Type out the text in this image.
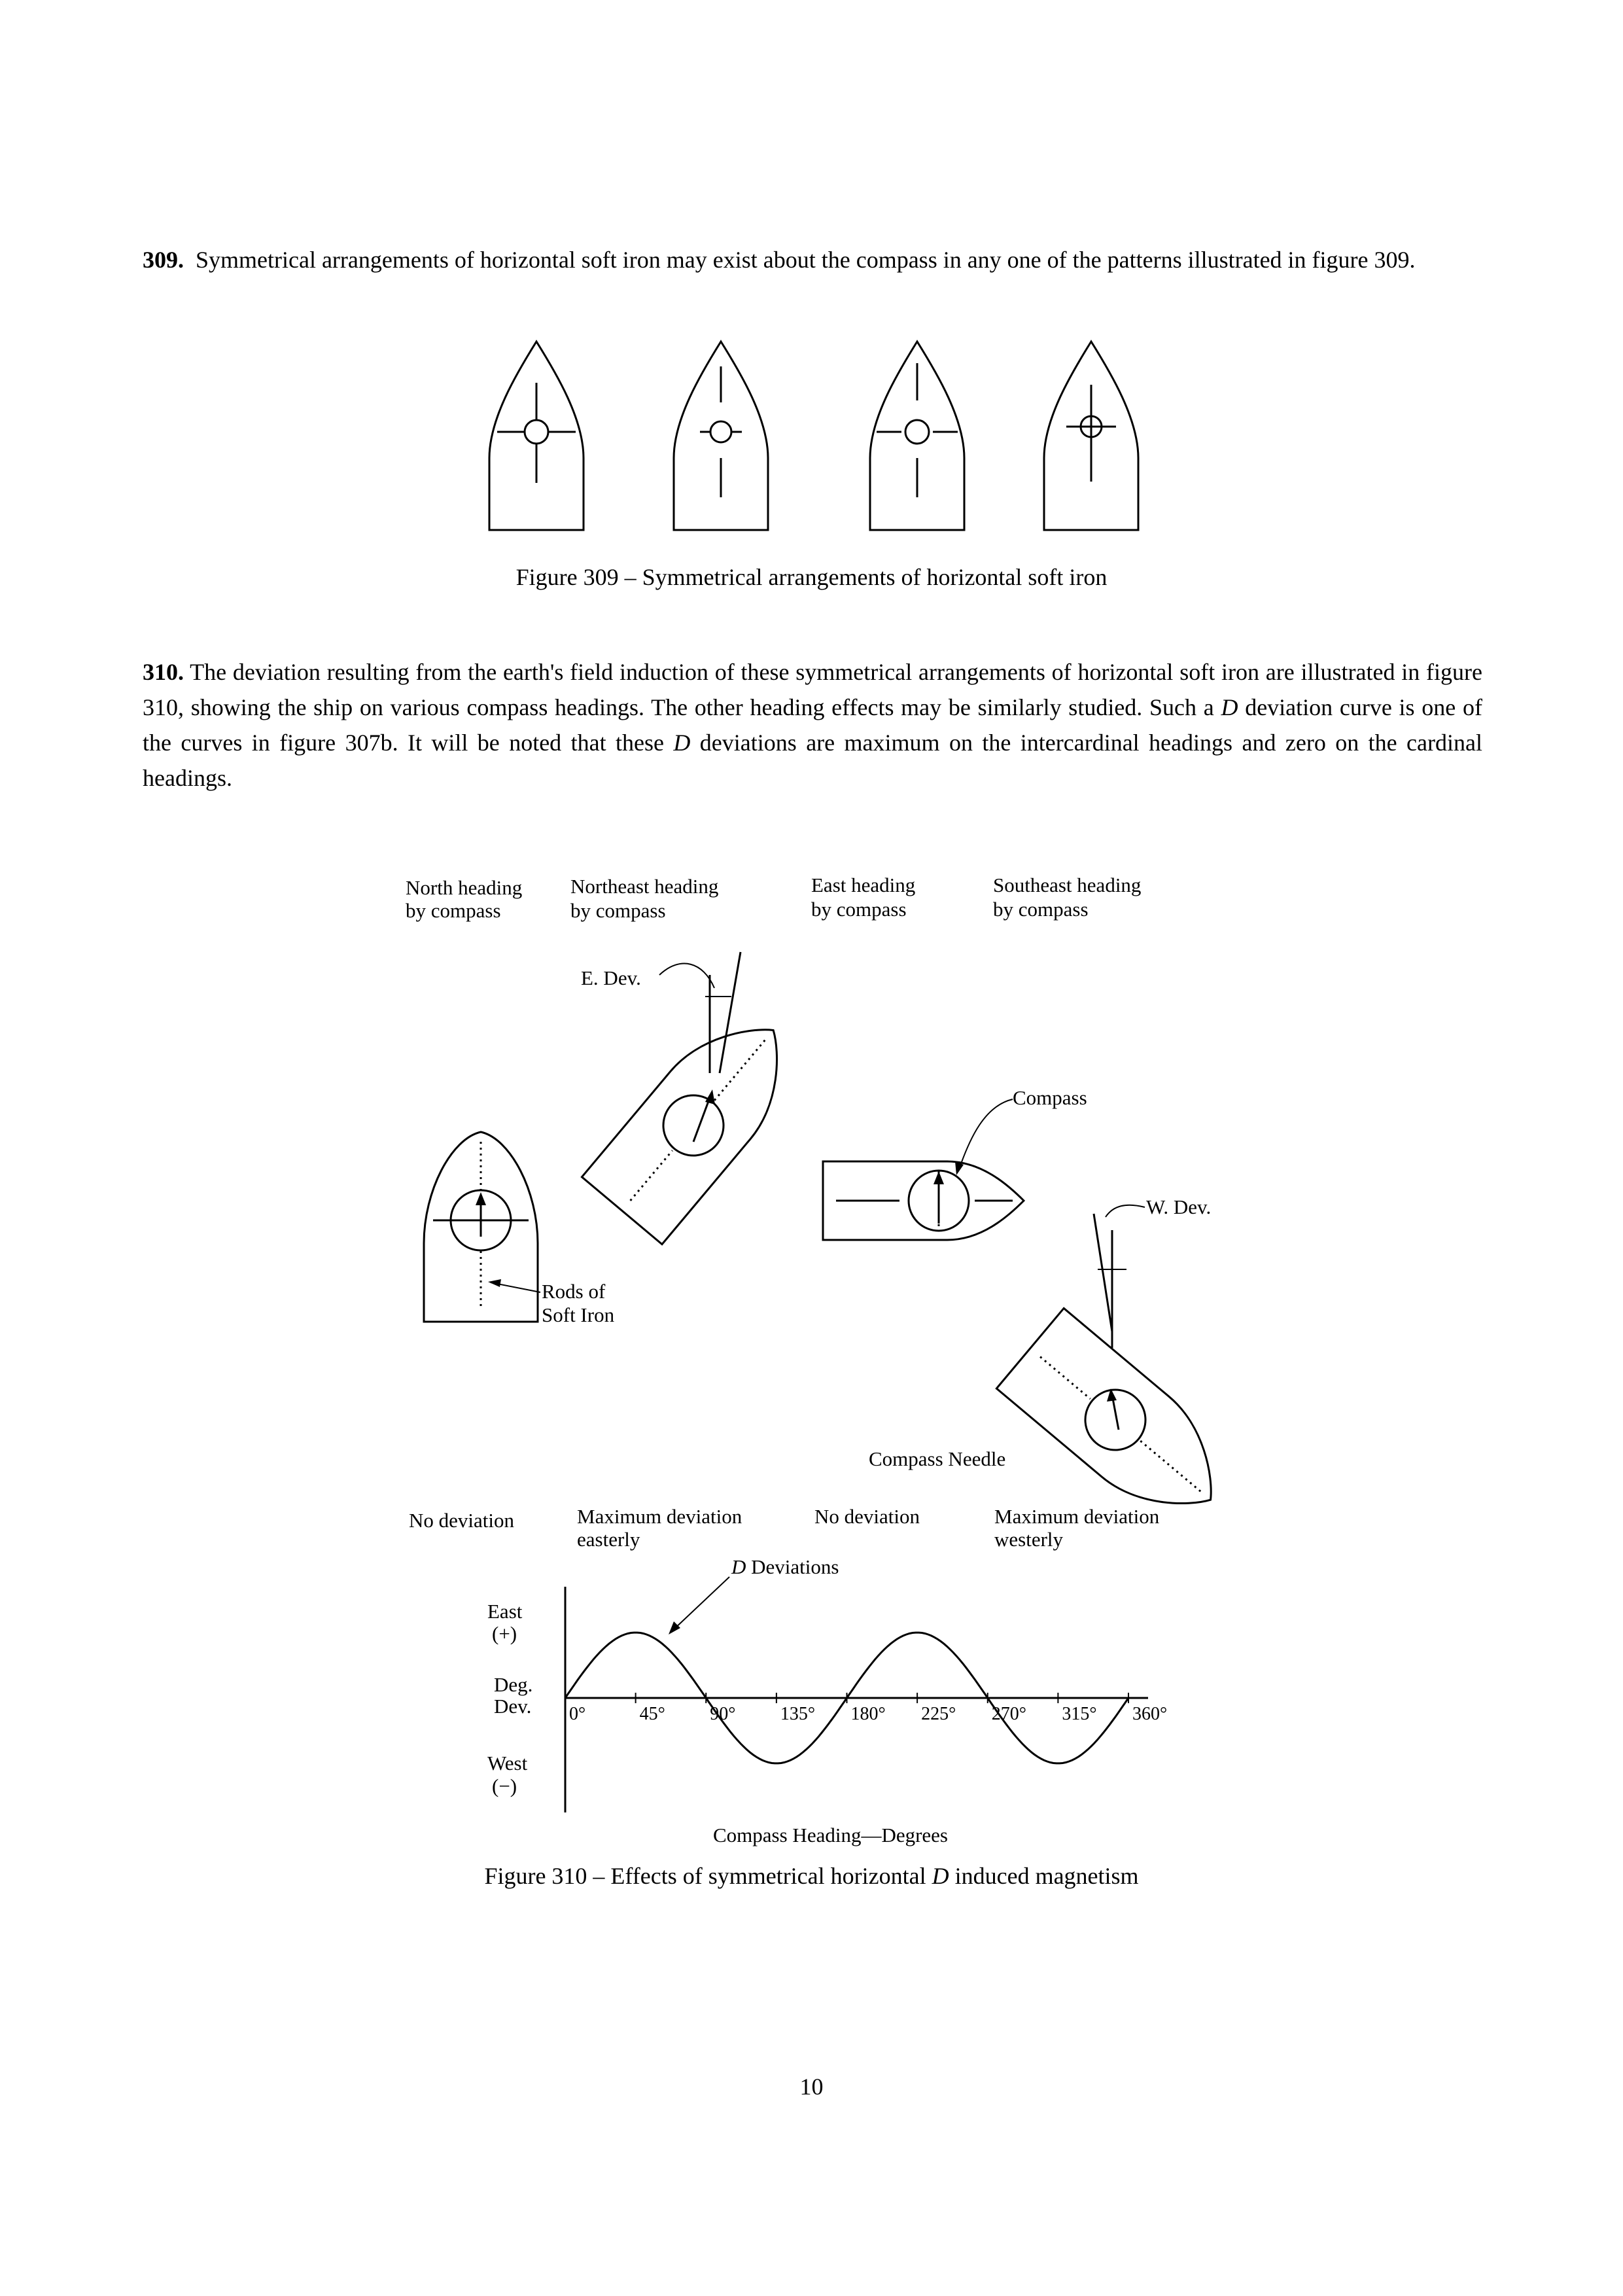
309. Symmetrical arrangements of horizontal soft iron may exist about the compass in any one of the patterns illustrated in figure 309.

Figure 309 – Symmetrical arrangements of horizontal soft iron

310. The deviation resulting from the earth's field induction of these symmetrical arrangements of horizontal soft iron are illustrated in figure 310, showing the ship on various compass headings. The other heading effects may be similarly studied. Such a D deviation curve is one of the curves in figure 307b. It will be noted that these D deviations are maximum on the intercardinal headings and zero on the cardinal headings.

North heading
by compass
Northeast heading
by compass
East heading
by compass
Southeast heading
by compass
Rods of
Soft Iron
E. Dev.
Compass
W. Dev.
Compass Needle
No deviation	Maximum deviation
easterly
No deviation	Maximum deviation
westerly
East
(+)
Deg.
Dev.
West
(−)
0°	45° 90° 135° 180° 225° 270° 315° 360°
D Deviations
Compass Heading—Degrees

Figure 310 – Effects of symmetrical horizontal D induced magnetism

10
